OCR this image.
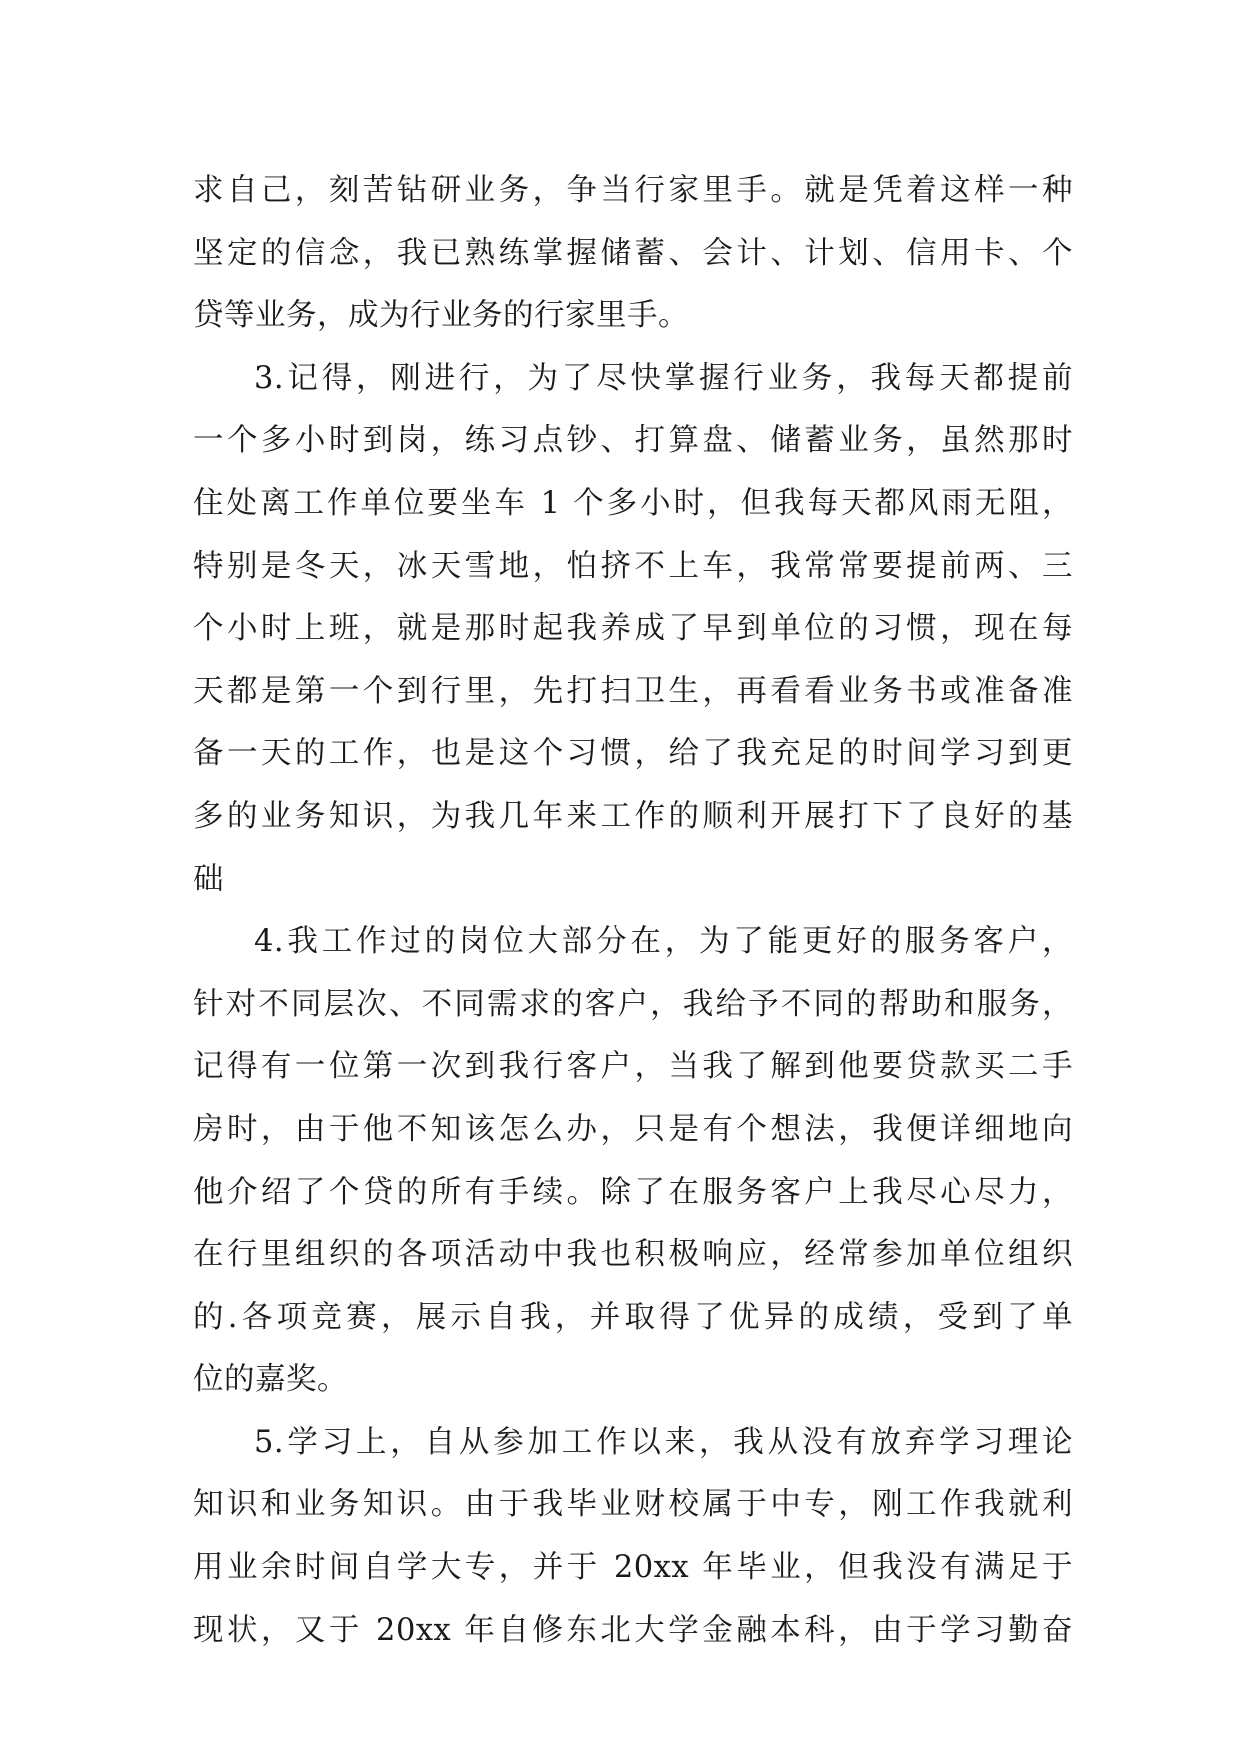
求自己，刻苦钻研业务，争当行家里手。就是凭着这样一种
坚定的信念，我已熟练掌握储蓄、会计、计划、信用卡、个
贷等业务，成为行业务的行家里手。
3.记得，刚进行，为了尽快掌握行业务，我每天都提前
一个多小时到岗，练习点钞、打算盘、储蓄业务，虽然那时
住处离工作单位要坐车 1 个多小时，但我每天都风雨无阻，
特别是冬天，冰天雪地，怕挤不上车，我常常要提前两、三
个小时上班，就是那时起我养成了早到单位的习惯，现在每
天都是第一个到行里，先打扫卫生，再看看业务书或准备准
备一天的工作，也是这个习惯，给了我充足的时间学习到更
多的业务知识，为我几年来工作的顺利开展打下了良好的基
础
4.我工作过的岗位大部分在，为了能更好的服务客户，
针对不同层次、不同需求的客户，我给予不同的帮助和服务，
记得有一位第一次到我行客户，当我了解到他要贷款买二手
房时，由于他不知该怎么办，只是有个想法，我便详细地向
他介绍了个贷的所有手续。除了在服务客户上我尽心尽力，
在行里组织的各项活动中我也积极响应，经常参加单位组织
的.各项竞赛，展示自我，并取得了优异的成绩，受到了单
位的嘉奖。
5.学习上，自从参加工作以来，我从没有放弃学习理论
知识和业务知识。由于我毕业财校属于中专，刚工作我就利
用业余时间自学大专，并于 20xx 年毕业，但我没有满足于
现状，又于 20xx 年自修东北大学金融本科，由于学习勤奋
